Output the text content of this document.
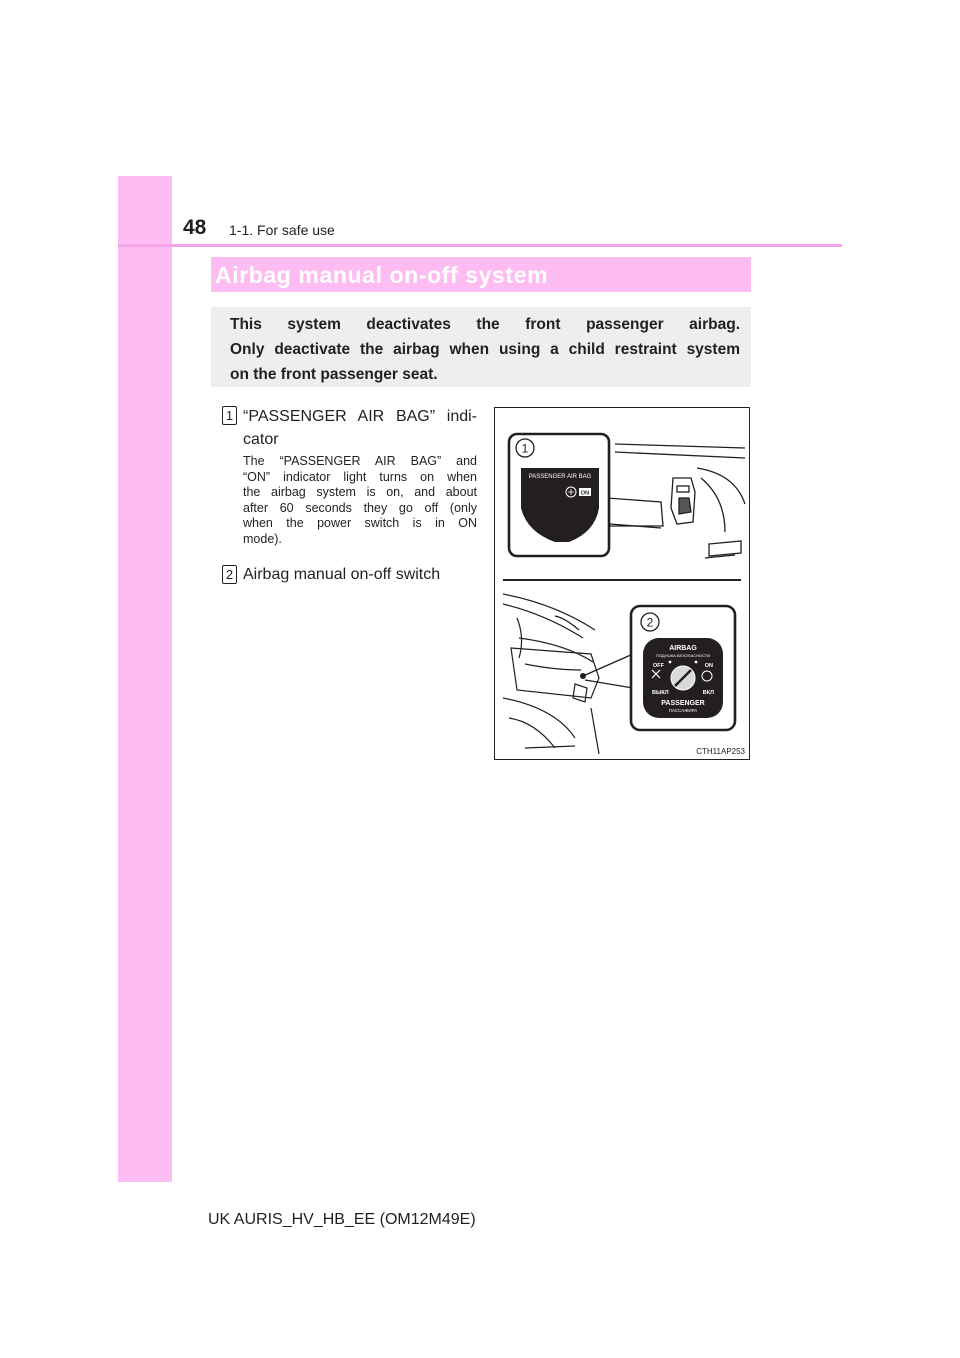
48 1-1. For safe use
Airbag manual on-off system
This system deactivates the front passenger airbag.
Only deactivate the airbag when using a child restraint system
on the front passenger seat.
1 “PASSENGER AIR BAG” indi-
cator
The “PASSENGER AIR BAG” and
“ON” indicator light turns on when
the airbag system is on, and about
after 60 seconds they go off (only
when the power switch is in ON
mode).
2 Airbag manual on-off switch
1
PASSENGER AIR BAG
ON
2
AIRBAG
ПОДУШКА БЕЗОПАСНОСТИ
OFF	ON
ВЫКЛ	ВКЛ
PASSENGER
ПАССАЖИРА
CTH11AP253
UK AURIS_HV_HB_EE (OM12M49E)
